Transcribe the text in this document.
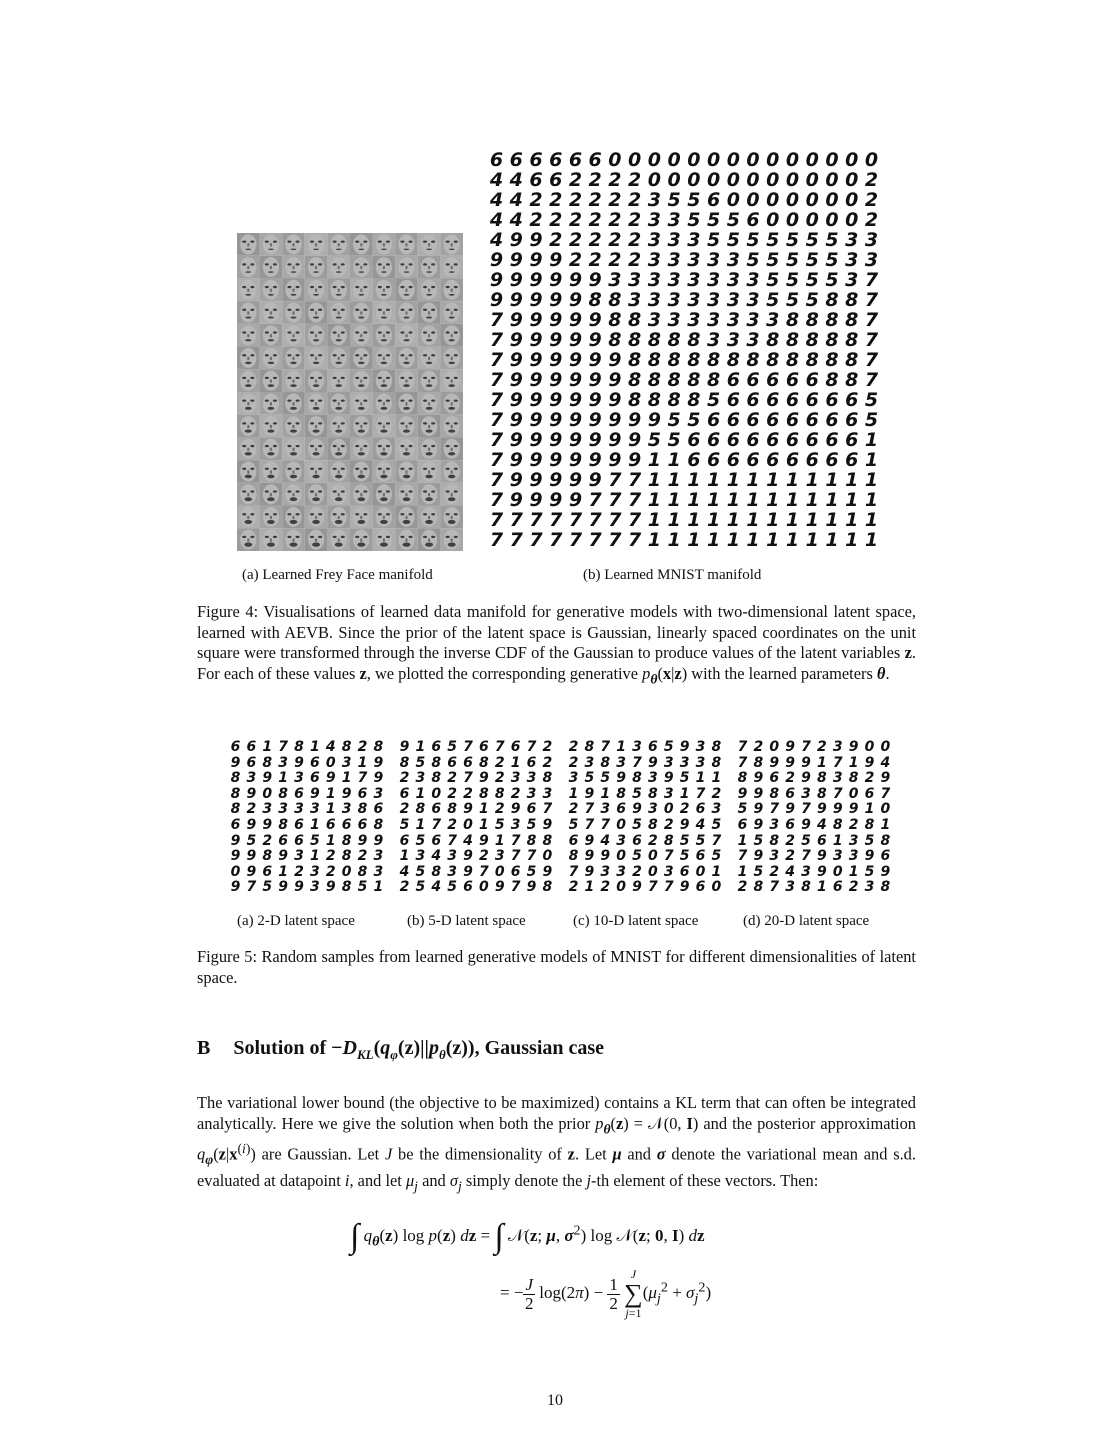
6 6 6 6 6 6 0 0 0 0 0 0 0 0 0 0 0 0 0 0
4 4 6 6 2 2 2 2 0 0 0 0 0 0 0 0 0 0 0 2
4 4 2 2 2 2 2 2 3 5 5 6 0 0 0 0 0 0 0 2
4 4 2 2 2 2 2 2 3 3 5 5 5 6 0 0 0 0 0 2
4 9 9 2 2 2 2 2 3 3 3 5 5 5 5 5 5 5 3 3
9 9 9 9 2 2 2 2 3 3 3 3 3 5 5 5 5 5 3 3
9 9 9 9 9 9 3 3 3 3 3 3 3 3 5 5 5 5 3 7
9 9 9 9 9 8 8 3 3 3 3 3 3 3 5 5 5 8 8 7
7 9 9 9 9 9 8 8 3 3 3 3 3 3 3 8 8 8 8 7
7 9 9 9 9 9 8 8 8 8 8 3 3 3 8 8 8 8 8 7
7 9 9 9 9 9 9 8 8 8 8 8 8 8 8 8 8 8 8 7
7 9 9 9 9 9 9 8 8 8 8 8 6 6 6 6 6 8 8 7
7 9 9 9 9 9 9 8 8 8 8 5 6 6 6 6 6 6 6 5
7 9 9 9 9 9 9 9 9 5 5 6 6 6 6 6 6 6 6 5
7 9 9 9 9 9 9 9 5 5 6 6 6 6 6 6 6 6 6 1
7 9 9 9 9 9 9 9 1 1 6 6 6 6 6 6 6 6 6 1
7 9 9 9 9 9 7 7 1 1 1 1 1 1 1 1 1 1 1 1
7 9 9 9 9 7 7 7 1 1 1 1 1 1 1 1 1 1 1 1
7 7 7 7 7 7 7 7 1 1 1 1 1 1 1 1 1 1 1 1
7 7 7 7 7 7 7 7 1 1 1 1 1 1 1 1 1 1 1 1
(a) Learned Frey Face manifold	(b) Learned MNIST manifold
Figure 4: Visualisations of learned data manifold for generative models with two-dimensional latent space, learned with AEVB. Since the prior of the latent space is Gaussian, linearly spaced coordinates on the unit square were transformed through the inverse CDF of the Gaussian to produce values of the latent variables z. For each of these values z, we plotted the corresponding generative $p_\theta(x|z)$ with the learned parameters θ.
6 6 1 7 8 1 4 8 2 8
9 6 8 3 9 6 0 3 1 9
8 3 9 1 3 6 9 1 7 9
8 9 0 8 6 9 1 9 6 3
8 2 3 3 3 3 1 3 8 6
6 9 9 8 6 1 6 6 6 8
9 5 2 6 6 5 1 8 9 9
9 9 8 9 3 1 2 8 2 3
0 9 6 1 2 3 2 0 8 3
9 7 5 9 9 3 9 8 5 1
9 1 6 5 7 6 7 6 7 2
8 5 8 6 6 8 2 1 6 2
2 3 8 2 7 9 2 3 3 8
6 1 0 2 2 8 8 2 3 3
2 8 6 8 9 1 2 9 6 7
5 1 7 2 0 1 5 3 5 9
6 5 6 7 4 9 1 7 8 8
1 3 4 3 9 2 3 7 7 0
4 5 8 3 9 7 0 6 5 9
2 5 4 5 6 0 9 7 9 8
2 8 7 1 3 6 5 9 3 8
2 3 8 3 7 9 3 3 3 8
3 5 5 9 8 3 9 5 1 1
1 9 1 8 5 8 3 1 7 2
2 7 3 6 9 3 0 2 6 3
5 7 7 0 5 8 2 9 4 5
6 9 4 3 6 2 8 5 5 7
8 9 9 0 5 0 7 5 6 5
7 9 3 3 2 0 3 6 0 1
2 1 2 0 9 7 7 9 6 0
7 2 0 9 7 2 3 9 0 0
7 8 9 9 9 1 7 1 9 4
8 9 6 2 9 8 3 8 2 9
9 9 8 6 3 8 7 0 6 7
5 9 7 9 7 9 9 9 1 0
6 9 3 6 9 4 8 2 8 1
1 5 8 2 5 6 1 3 5 8
7 9 3 2 7 9 3 3 9 6
1 5 2 4 3 9 0 1 5 9
2 8 7 3 8 1 6 2 3 8
(a) 2-D latent space	(b) 5-D latent space	(c) 10-D latent space	(d) 20-D latent space
Figure 5: Random samples from learned generative models of MNIST for different dimensionalities of latent space.
B Solution of $-D_{KL}(q_\varphi(z)||p_\theta(z))$, Gaussian case
The variational lower bound (the objective to be maximized) contains a KL term that can often be integrated analytically. Here we give the solution when both the prior $p_\theta(z)$ = 𝒩(0, I) and the posterior approximation $q_\varphi(z|x^{(i)})$ are Gaussian. Let J be the dimensionality of z. Let μ and σ denote the variational mean and s.d. evaluated at datapoint i, and let $\mu_j$ and $\sigma_j$ simply denote the j-th element of these vectors. Then:
∫ $q_\theta(z)$ log p(z) dz = ∫ 𝒩(z; μ, $\sigma^2$) log 𝒩(z; 0, I) dz
= − $\frac{J}{2} \log(2\pi) - \frac{1}{2}$

J
∑
j=1
$(\mu_j^2 + \sigma_j^2)$
10
